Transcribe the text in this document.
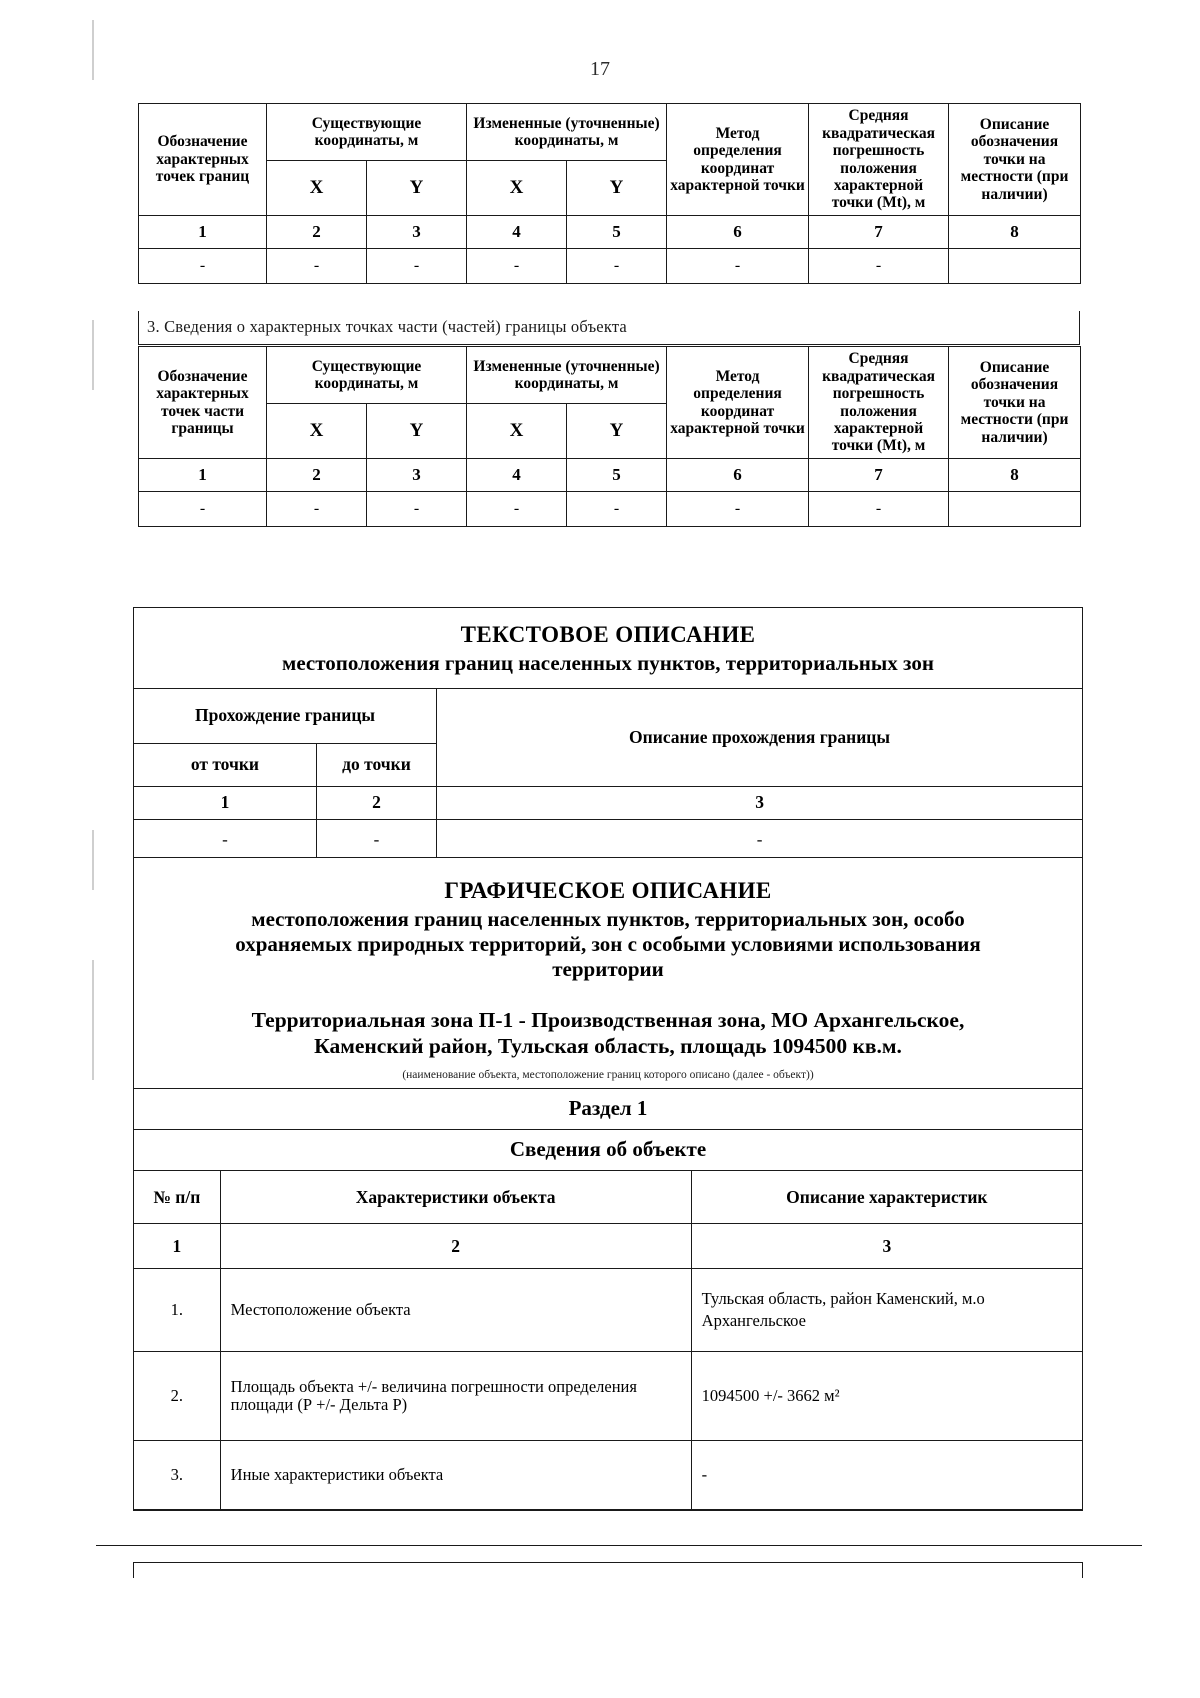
17
Обозначение характерных точек границ	Существующие координаты, м		Измененные (уточненные) координаты, м		Метод определения координат характерной точки	Средняя квадратическая погрешность положения характерной точки (Mt), м	Описание обозначения точки на местности (при наличии)
	X	Y	X	Y			
1	2	3	4	5	6	7	8
-	-	-	-	-	-	-	
3. Сведения о характерных точках части (частей) границы объекта
Обозначение характерных точек части границы	Существующие координаты, м		Измененные (уточненные) координаты, м		Метод определения координат характерной точки	Средняя квадратическая погрешность положения характерной точки (Mt), м	Описание обозначения точки на местности (при наличии)
	X	Y	X	Y			
1	2	3	4	5	6	7	8
-	-	-	-	-	-	-	
ТЕКСТОВОЕ ОПИСАНИЕ
местоположения границ населенных пунктов, территориальных зон
Прохождение границы		Описание прохождения границы
от точки	до точки	
1	2	3
-	-	-
ГРАФИЧЕСКОЕ ОПИСАНИЕ
местоположения границ населенных пунктов, территориальных зон, особо
охраняемых природных территорий, зон с особыми условиями использования
территории
Территориальная зона П-1 - Производственная зона, МО Архангельское,
Каменский район, Тульская область, площадь 1094500 кв.м.
(наименование объекта, местоположение границ которого описано (далее - объект))
Раздел 1
Сведения об объекте
№ п/п	Характеристики объекта	Описание характеристик
1	2	3
1.	Местоположение объекта	Тульская область, район Каменский, м.о Архангельское
2.	Площадь объекта +/- величина погрешности определения площади (Р +/- Дельта Р)	1094500 +/- 3662 м²
3.	Иные характеристики объекта	-
